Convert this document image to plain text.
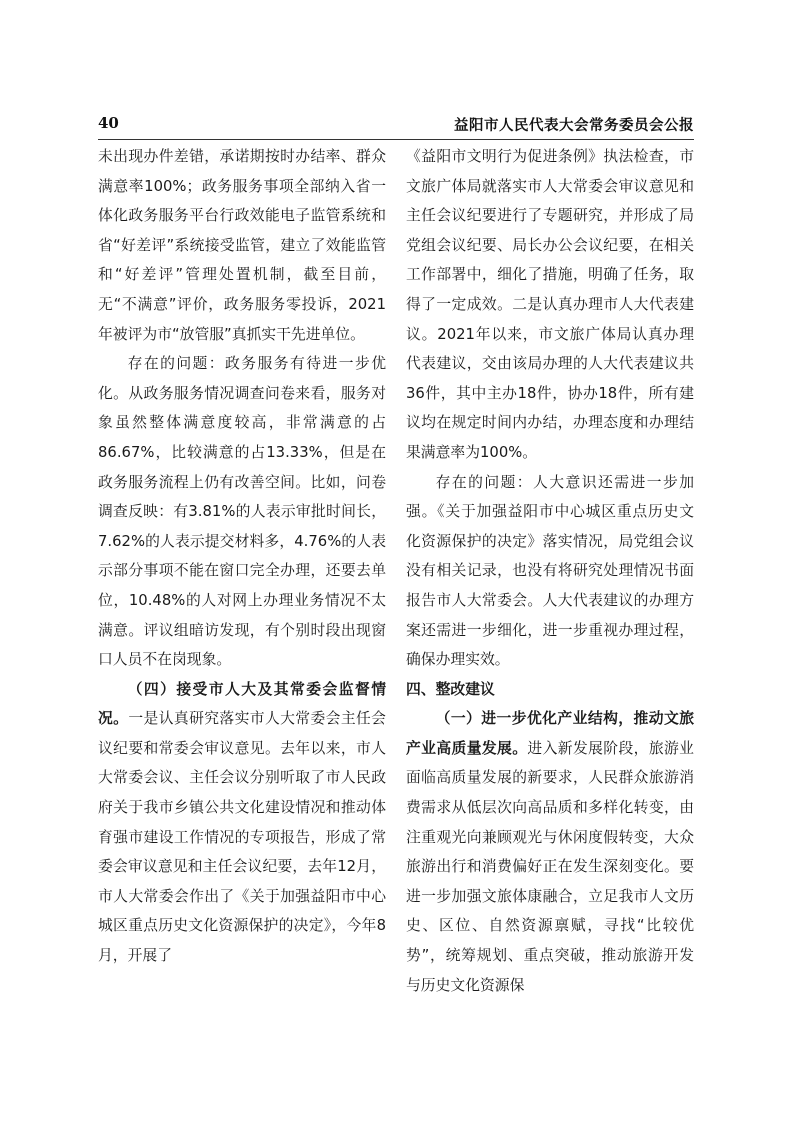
40	益阳市人民代表大会常务委员会公报

未出现办件差错，承诺期按时办结率、群众满意率100%；政务服务事项全部纳入省一体化政务服务平台行政效能电子监管系统和省“好差评”系统接受监管，建立了效能监管和“好差评”管理处置机制，截至目前，无“不满意”评价，政务服务零投诉，2021年被评为市“放管服”真抓实干先进单位。

存在的问题：政务服务有待进一步优化。从政务服务情况调查问卷来看，服务对象虽然整体满意度较高，非常满意的占86.67%，比较满意的占13.33%，但是在政务服务流程上仍有改善空间。比如，问卷调查反映：有3.81%的人表示审批时间长，7.62%的人表示提交材料多，4.76%的人表示部分事项不能在窗口完全办理，还要去单位，10.48%的人对网上办理业务情况不太满意。评议组暗访发现，有个别时段出现窗口人员不在岗现象。

（四）接受市人大及其常委会监督情况。一是认真研究落实市人大常委会主任会议纪要和常委会审议意见。去年以来，市人大常委会议、主任会议分别听取了市人民政府关于我市乡镇公共文化建设情况和推动体育强市建设工作情况的专项报告，形成了常委会审议意见和主任会议纪要，去年12月，市人大常委会作出了《关于加强益阳市中心城区重点历史文化资源保护的决定》，今年8月，开展了

《益阳市文明行为促进条例》执法检查，市文旅广体局就落实市人大常委会审议意见和主任会议纪要进行了专题研究，并形成了局党组会议纪要、局长办公会议纪要，在相关工作部署中，细化了措施，明确了任务，取得了一定成效。二是认真办理市人大代表建议。2021年以来，市文旅广体局认真办理代表建议，交由该局办理的人大代表建议共36件，其中主办18件，协办18件，所有建议均在规定时间内办结，办理态度和办理结果满意率为100%。

存在的问题：人大意识还需进一步加强。《关于加强益阳市中心城区重点历史文化资源保护的决定》落实情况，局党组会议没有相关记录，也没有将研究处理情况书面报告市人大常委会。人大代表建议的办理方案还需进一步细化，进一步重视办理过程，确保办理实效。

四、整改建议

（一）进一步优化产业结构，推动文旅产业高质量发展。进入新发展阶段，旅游业面临高质量发展的新要求，人民群众旅游消费需求从低层次向高品质和多样化转变，由注重观光向兼顾观光与休闲度假转变，大众旅游出行和消费偏好正在发生深刻变化。要进一步加强文旅体康融合，立足我市人文历史、区位、自然资源禀赋，寻找“比较优势”，统筹规划、重点突破，推动旅游开发与历史文化资源保
